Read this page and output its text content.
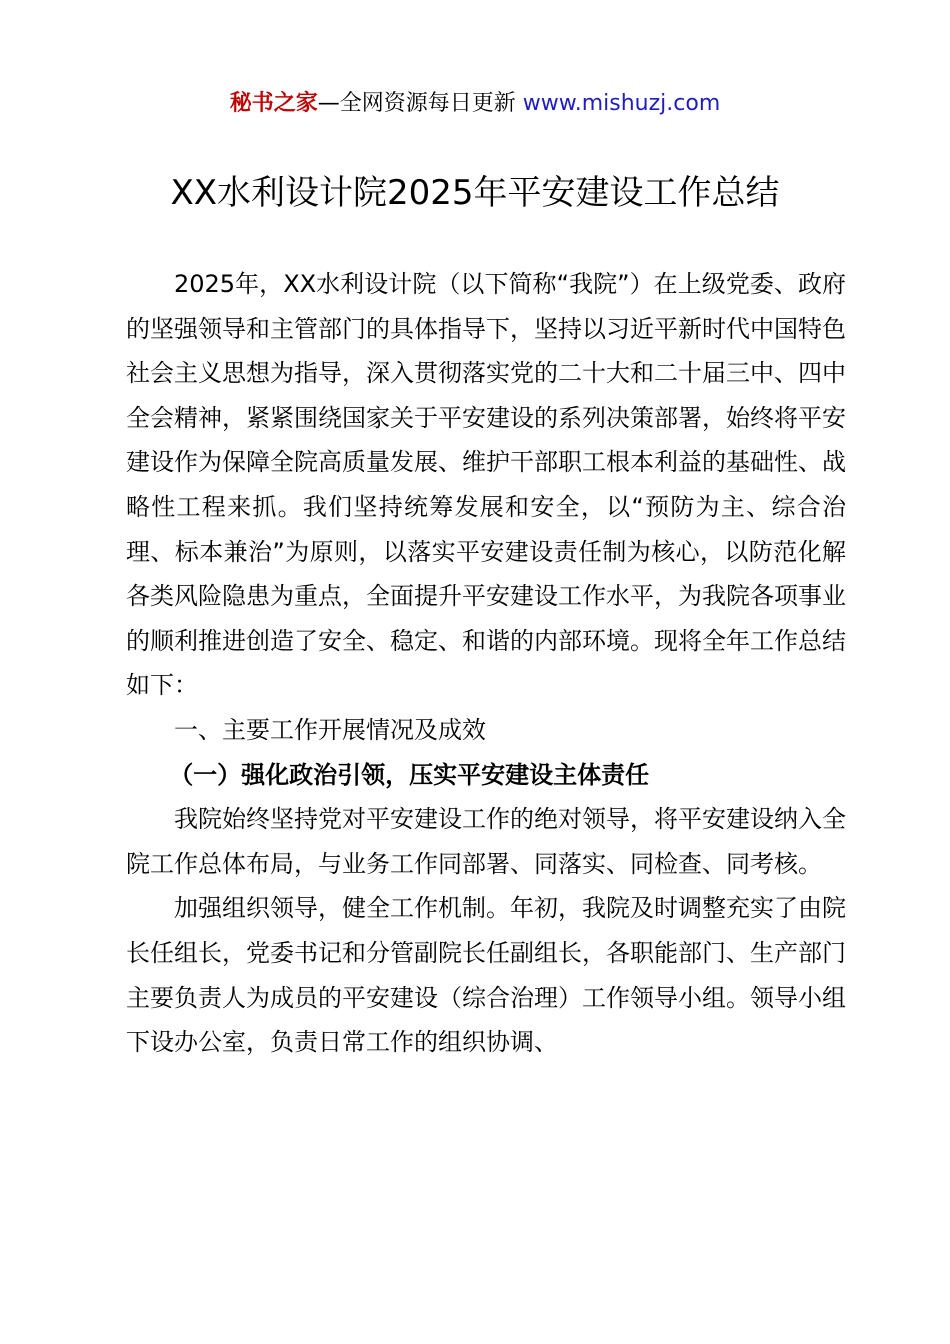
秘书之家—全网资源每日更新 www.mishuzj.com
XX水利设计院2025年平安建设工作总结

2025年，XX水利设计院（以下简称“我院”）在上级党委、政府的坚强领导和主管部门的具体指导下，坚持以习近平新时代中国特色社会主义思想为指导，深入贯彻落实党的二十大和二十届三中、四中全会精神，紧紧围绕国家关于平安建设的系列决策部署，始终将平安建设作为保障全院高质量发展、维护干部职工根本利益的基础性、战略性工程来抓。我们坚持统筹发展和安全，以“预防为主、综合治理、标本兼治”为原则，以落实平安建设责任制为核心，以防范化解各类风险隐患为重点，全面提升平安建设工作水平，为我院各项事业的顺利推进创造了安全、稳定、和谐的内部环境。现将全年工作总结如下：

一、主要工作开展情况及成效

（一）强化政治引领，压实平安建设主体责任

我院始终坚持党对平安建设工作的绝对领导，将平安建设纳入全院工作总体布局，与业务工作同部署、同落实、同检查、同考核。

加强组织领导，健全工作机制。年初，我院及时调整充实了由院长任组长，党委书记和分管副院长任副组长，各职能部门、生产部门主要负责人为成员的平安建设（综合治理）工作领导小组。领导小组下设办公室，负责日常工作的组织协调、
